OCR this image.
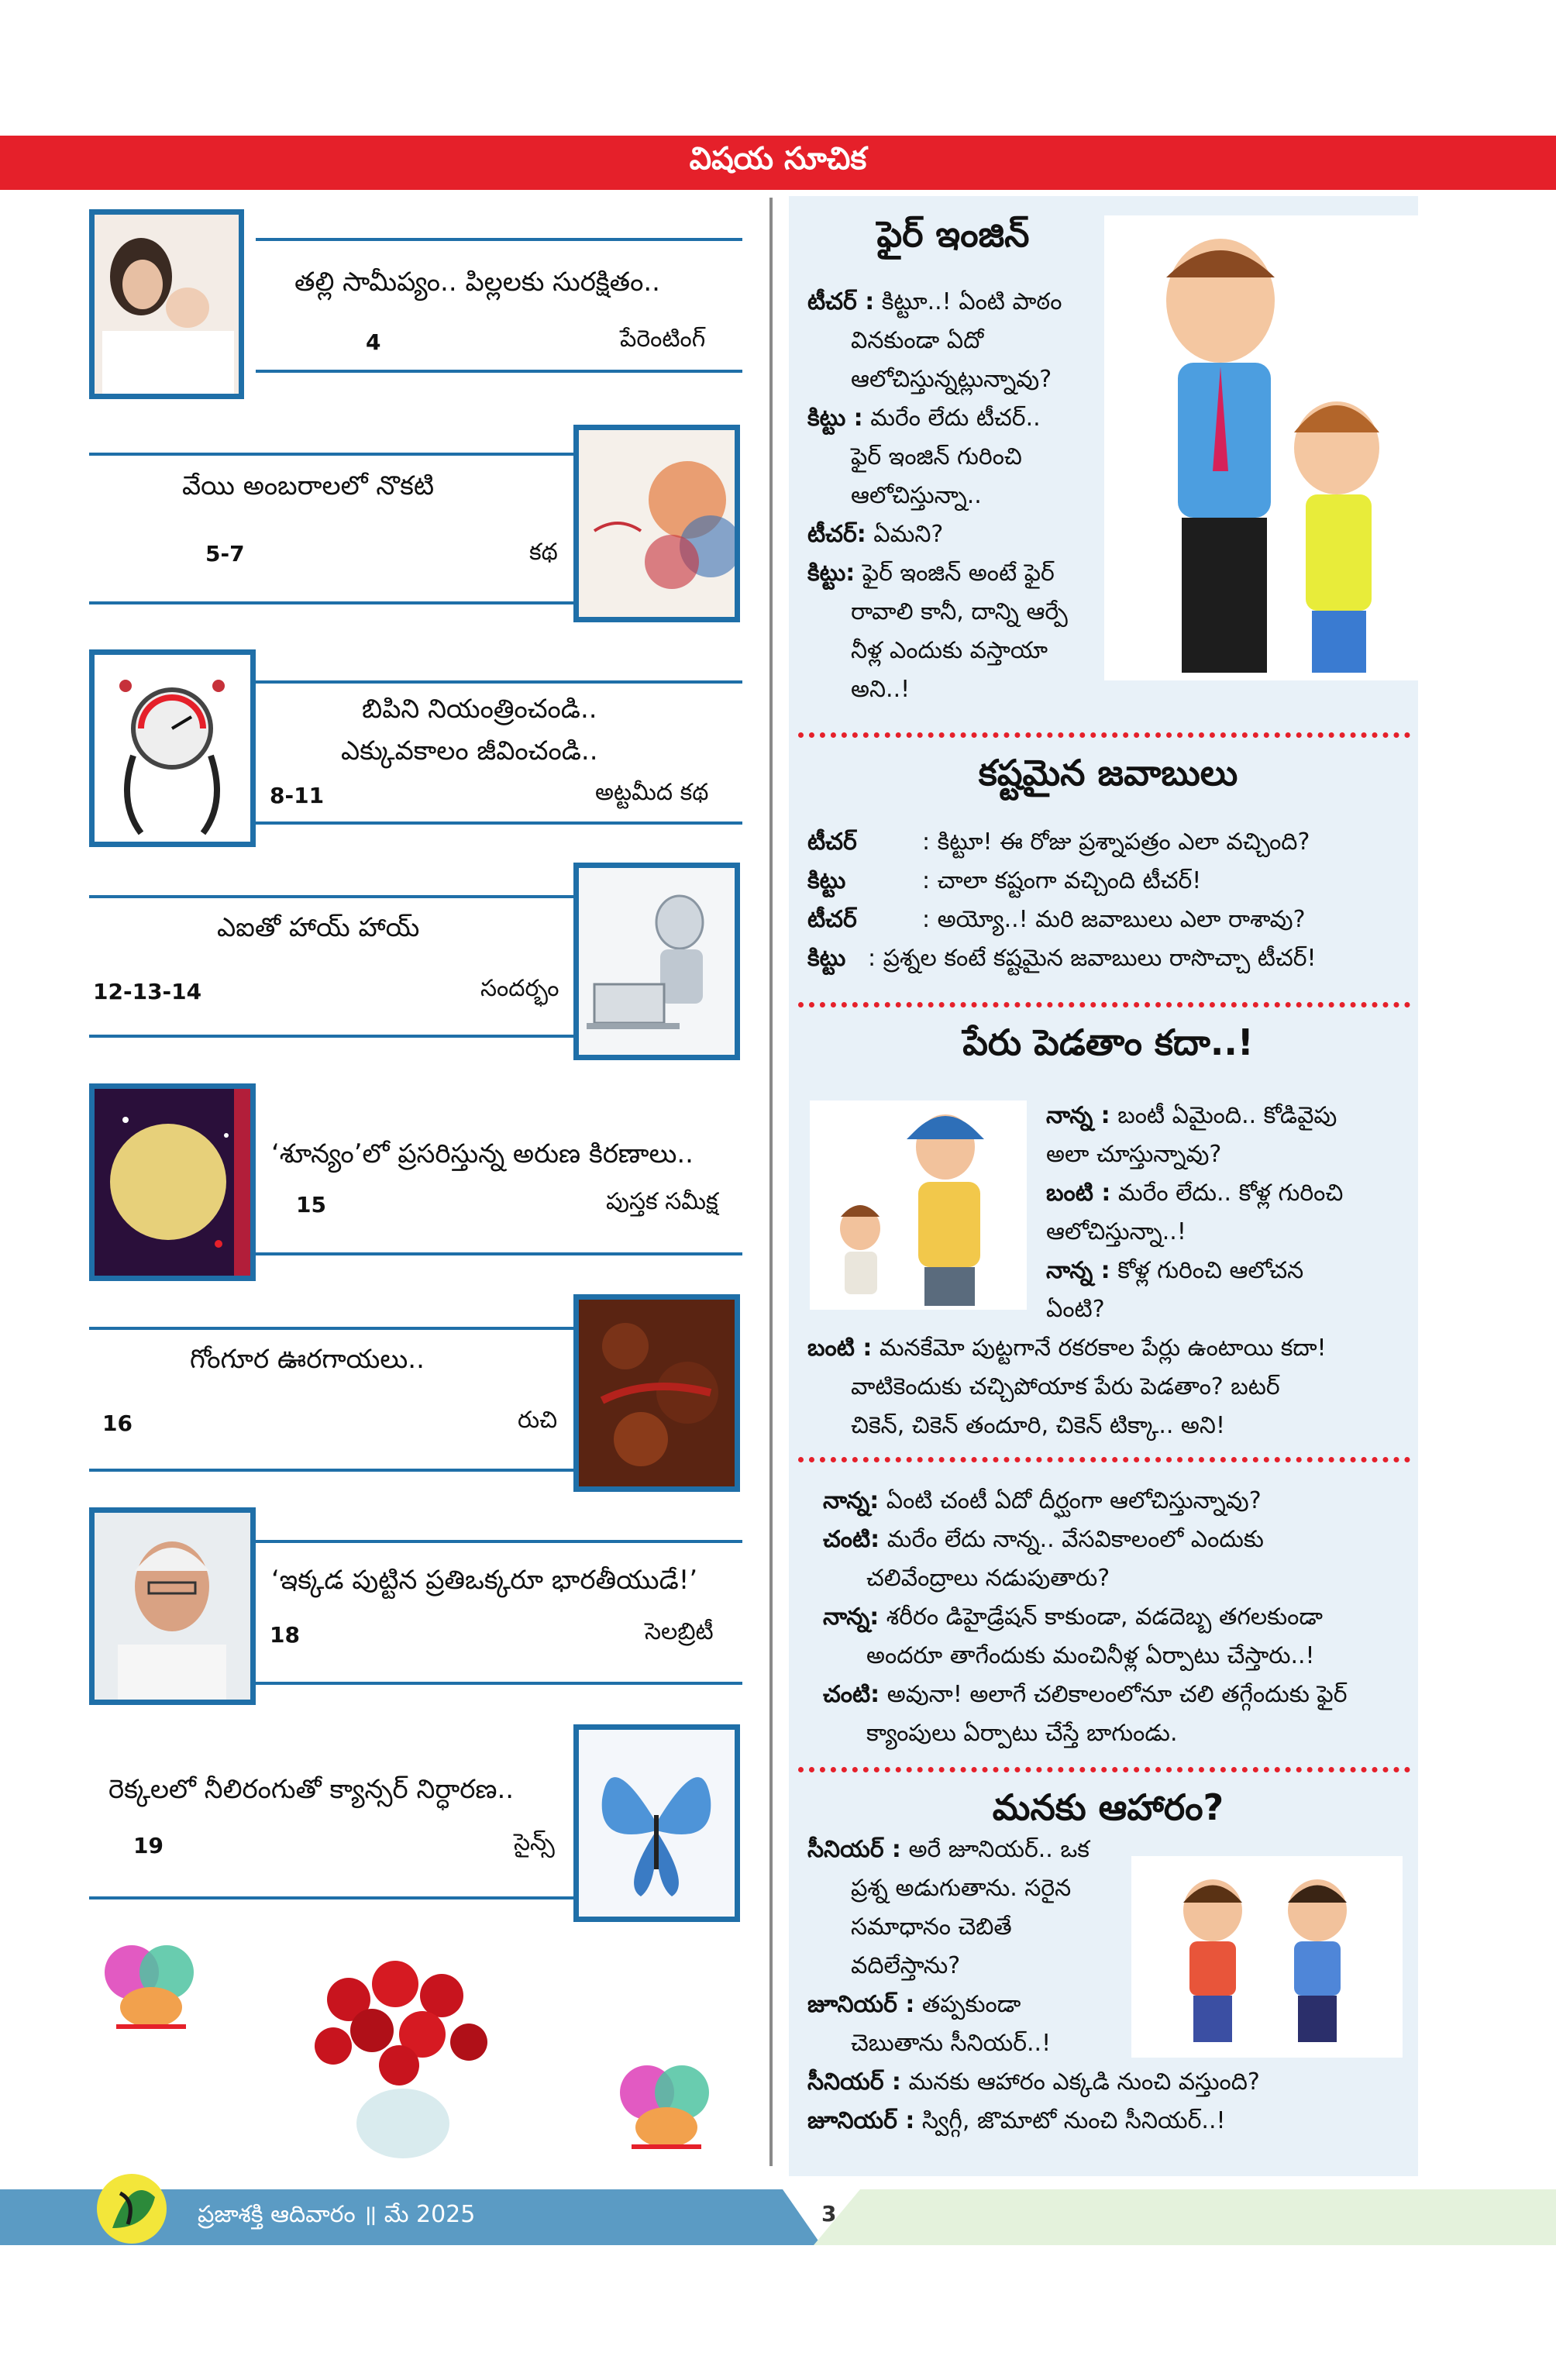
విషయ సూచిక
తల్లి సామీప్యం.. పిల్లలకు సురక్షితం..
4	పేరెంటింగ్
వేయి అంబరాలలో నొకటి
5-7	కథ
బిపిని నియంత్రించండి..
ఎక్కువకాలం జీవించండి..
8-11	అట్టమీద కథ
ఎఐతో హాయ్ హాయ్
12-13-14	సందర్భం
‘శూన్యం’లో ప్రసరిస్తున్న అరుణ కిరణాలు..
15	పుస్తక సమీక్ష
గోంగూర ఊరగాయలు..
16	రుచి
‘ఇక్కడ పుట్టిన ప్రతిఒక్కరూ భారతీయుడే!’
18	సెలబ్రిటీ
రెక్కలలో నీలిరంగుతో క్యాన్సర్ నిర్ధారణ..
19	సైన్స్
ఫైర్ ఇంజిన్
టీచర్ : కిట్టూ..! ఏంటి పాఠం
వినకుండా ఏదో
ఆలోచిస్తున్నట్లున్నావు?
కిట్టు : మరేం లేదు టీచర్..
ఫైర్ ఇంజిన్ గురించి
ఆలోచిస్తున్నా..
టీచర్: ఏమని?
కిట్టు: ఫైర్ ఇంజిన్ అంటే ఫైర్
రావాలి కానీ, దాన్ని ఆర్పే
నీళ్ల ఎందుకు వస్తాయా
అని..!
కష్టమైన జవాబులు
టీచర్	: కిట్టూ! ఈ రోజు ప్రశ్నాపత్రం ఎలా వచ్చింది?
కిట్టు	: చాలా కష్టంగా వచ్చింది టీచర్!
టీచర్	: అయ్యో..! మరి జవాబులు ఎలా రాశావు?
కిట్టు : ప్రశ్నల కంటే కష్టమైన జవాబులు రాసొచ్చా టీచర్!
పేరు పెడతాం కదా..!
నాన్న : బంటీ ఏమైంది.. కోడివైపు
అలా చూస్తున్నావు?
బంటి : మరేం లేదు.. కోళ్ల గురించి
ఆలోచిస్తున్నా..!
నాన్న : కోళ్ల గురించి ఆలోచన
ఏంటి?
బంటి : మనకేమో పుట్టగానే రకరకాల పేర్లు ఉంటాయి కదా!
వాటికెందుకు చచ్చిపోయాక పేరు పెడతాం? బటర్
చికెన్, చికెన్ తందూరి, చికెన్ టిక్కా.. అని!
నాన్న: ఏంటి చంటీ ఏదో దీర్ఘంగా ఆలోచిస్తున్నావు?
చంటి: మరేం లేదు నాన్న.. వేసవికాలంలో ఎందుకు
చలివేంద్రాలు నడుపుతారు?
నాన్న: శరీరం డిహైడ్రేషన్ కాకుండా, వడదెబ్బ తగలకుండా
అందరూ తాగేందుకు మంచినీళ్ల ఏర్పాటు చేస్తారు..!
చంటి: అవునా! అలాగే చలికాలంలోనూ చలి తగ్గేందుకు ఫైర్
క్యాంపులు ఏర్పాటు చేస్తే బాగుండు.
మనకు ఆహారం?
సీనియర్ : అరే జూనియర్.. ఒక
ప్రశ్న అడుగుతాను. సరైన
సమాధానం చెబితే
వదిలేస్తాను?
జూనియర్ : తప్పకుండా
చెబుతాను సీనియర్..!
సీనియర్ : మనకు ఆహారం ఎక్కడి నుంచి వస్తుంది?
జూనియర్ : స్విగ్గీ, జొమాటో నుంచి సీనియర్..!
ప్రజాశక్తి ఆదివారం ॥ మే 2025	3
